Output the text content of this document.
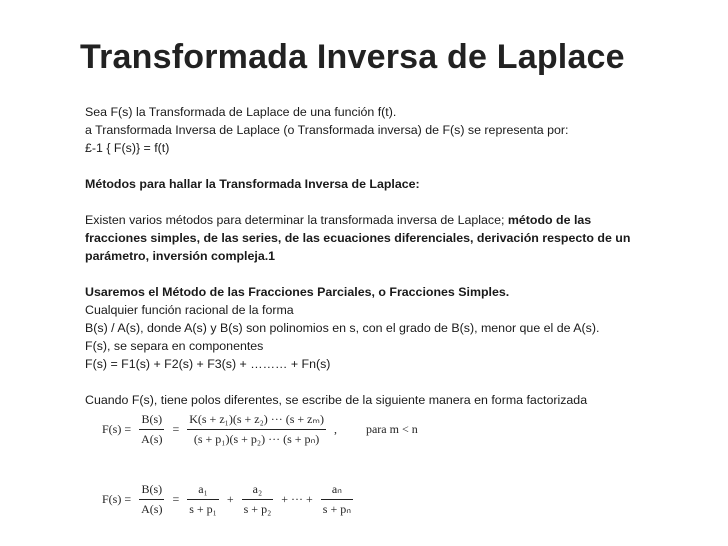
Transformada Inversa de Laplace
Sea F(s) la Transformada de Laplace de una función f(t).
a Transformada Inversa de Laplace (o Transformada inversa) de F(s) se representa por:
£-1 { F(s)} = f(t)
Métodos para hallar la Transformada Inversa de Laplace:
Existen varios métodos para determinar la transformada inversa de Laplace; método de las
fracciones simples, de las series, de las ecuaciones diferenciales, derivación respecto de un
parámetro, inversión compleja.1
Usaremos el Método de las Fracciones Parciales, o Fracciones Simples.
Cualquier función racional de la forma
B(s) / A(s), donde A(s) y B(s) son polinomios en s, con el grado de B(s), menor que el de A(s).
F(s), se separa en componentes
F(s) = F1(s) + F2(s) + F3(s) + ……… + Fn(s)
Cuando F(s), tiene polos diferentes, se escribe de la siguiente manera en forma factorizada
$F(s) = \frac{B(s)}{A(s)} = \frac{\text{K(s + z₁)(s + z₂) ··· (s + zₘ)}}{\text{(s + p₁)(s + p₂) ··· (s + pₙ)}}$ , para m < n
$F(s) = \frac{B(s)}{A(s)} = \frac{\text{a₁}}{\text{s + p₁}} + \frac{\text{a₂}}{\text{s + p₂}}$ + ··· + $\frac{\text{aₙ}}{\text{s + pₙ}}$
